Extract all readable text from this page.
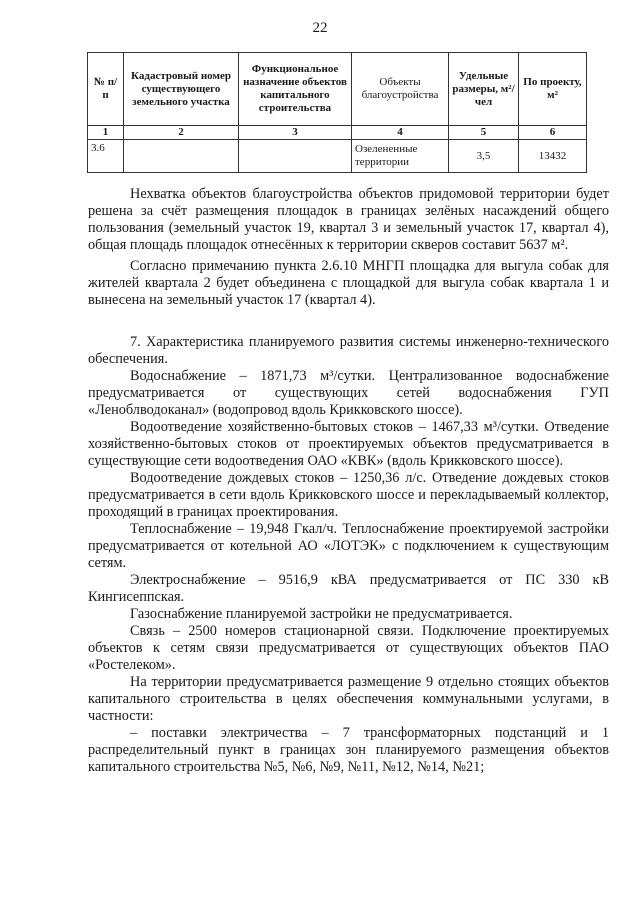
22
№ п/п	Кадастровый номер существующего земельного участка	Функциональное назначение объектов капитального строительства	Объекты благоустройства	Удельные размеры, м²/чел	По проекту, м²
1	2	3	4	5	6
3.6			Озелененные территории	3,5	13432

Нехватка объектов благоустройства объектов придомовой территории будет решена за счёт размещения площадок в границах зелёных насаждений общего пользования (земельный участок 19, квартал 3 и земельный участок 17, квартал 4), общая площадь площадок отнесённых к территории скверов составит 5637 м².

Согласно примечанию пункта 2.6.10 МНГП площадка для выгула собак для жителей квартала 2 будет объединена с площадкой для выгула собак квартала 1 и вынесена на земельный участок 17 (квартал 4).

7. Характеристика планируемого развития системы инженерно-технического обеспечения.

Водоснабжение – 1871,73 м³/сутки. Централизованное водоснабжение предусматривается от существующих сетей водоснабжения ГУП «Леноблводоканал» (водопровод вдоль Крикковского шоссе).

Водоотведение хозяйственно-бытовых стоков – 1467,33 м³/сутки. Отведение хозяйственно-бытовых стоков от проектируемых объектов предусматривается в существующие сети водоотведения ОАО «КВК» (вдоль Крикковского шоссе).

Водоотведение дождевых стоков – 1250,36 л/с. Отведение дождевых стоков предусматривается в сети вдоль Крикковского шоссе и перекладываемый коллектор, проходящий в границах проектирования.

Теплоснабжение – 19,948 Гкал/ч. Теплоснабжение проектируемой застройки предусматривается от котельной АО «ЛОТЭК» с подключением к существующим сетям.

Электроснабжение – 9516,9 кВА предусматривается от ПС 330 кВ Кингисеппская.

Газоснабжение планируемой застройки не предусматривается.

Связь – 2500 номеров стационарной связи. Подключение проектируемых объектов к сетям связи предусматривается от существующих объектов ПАО «Ростелеком».

На территории предусматривается размещение 9 отдельно стоящих объектов капитального строительства в целях обеспечения коммунальными услугами, в частности:

– поставки электричества – 7 трансформаторных подстанций и 1 распределительный пункт в границах зон планируемого размещения объектов капитального строительства №5, №6, №9, №11, №12, №14, №21;
